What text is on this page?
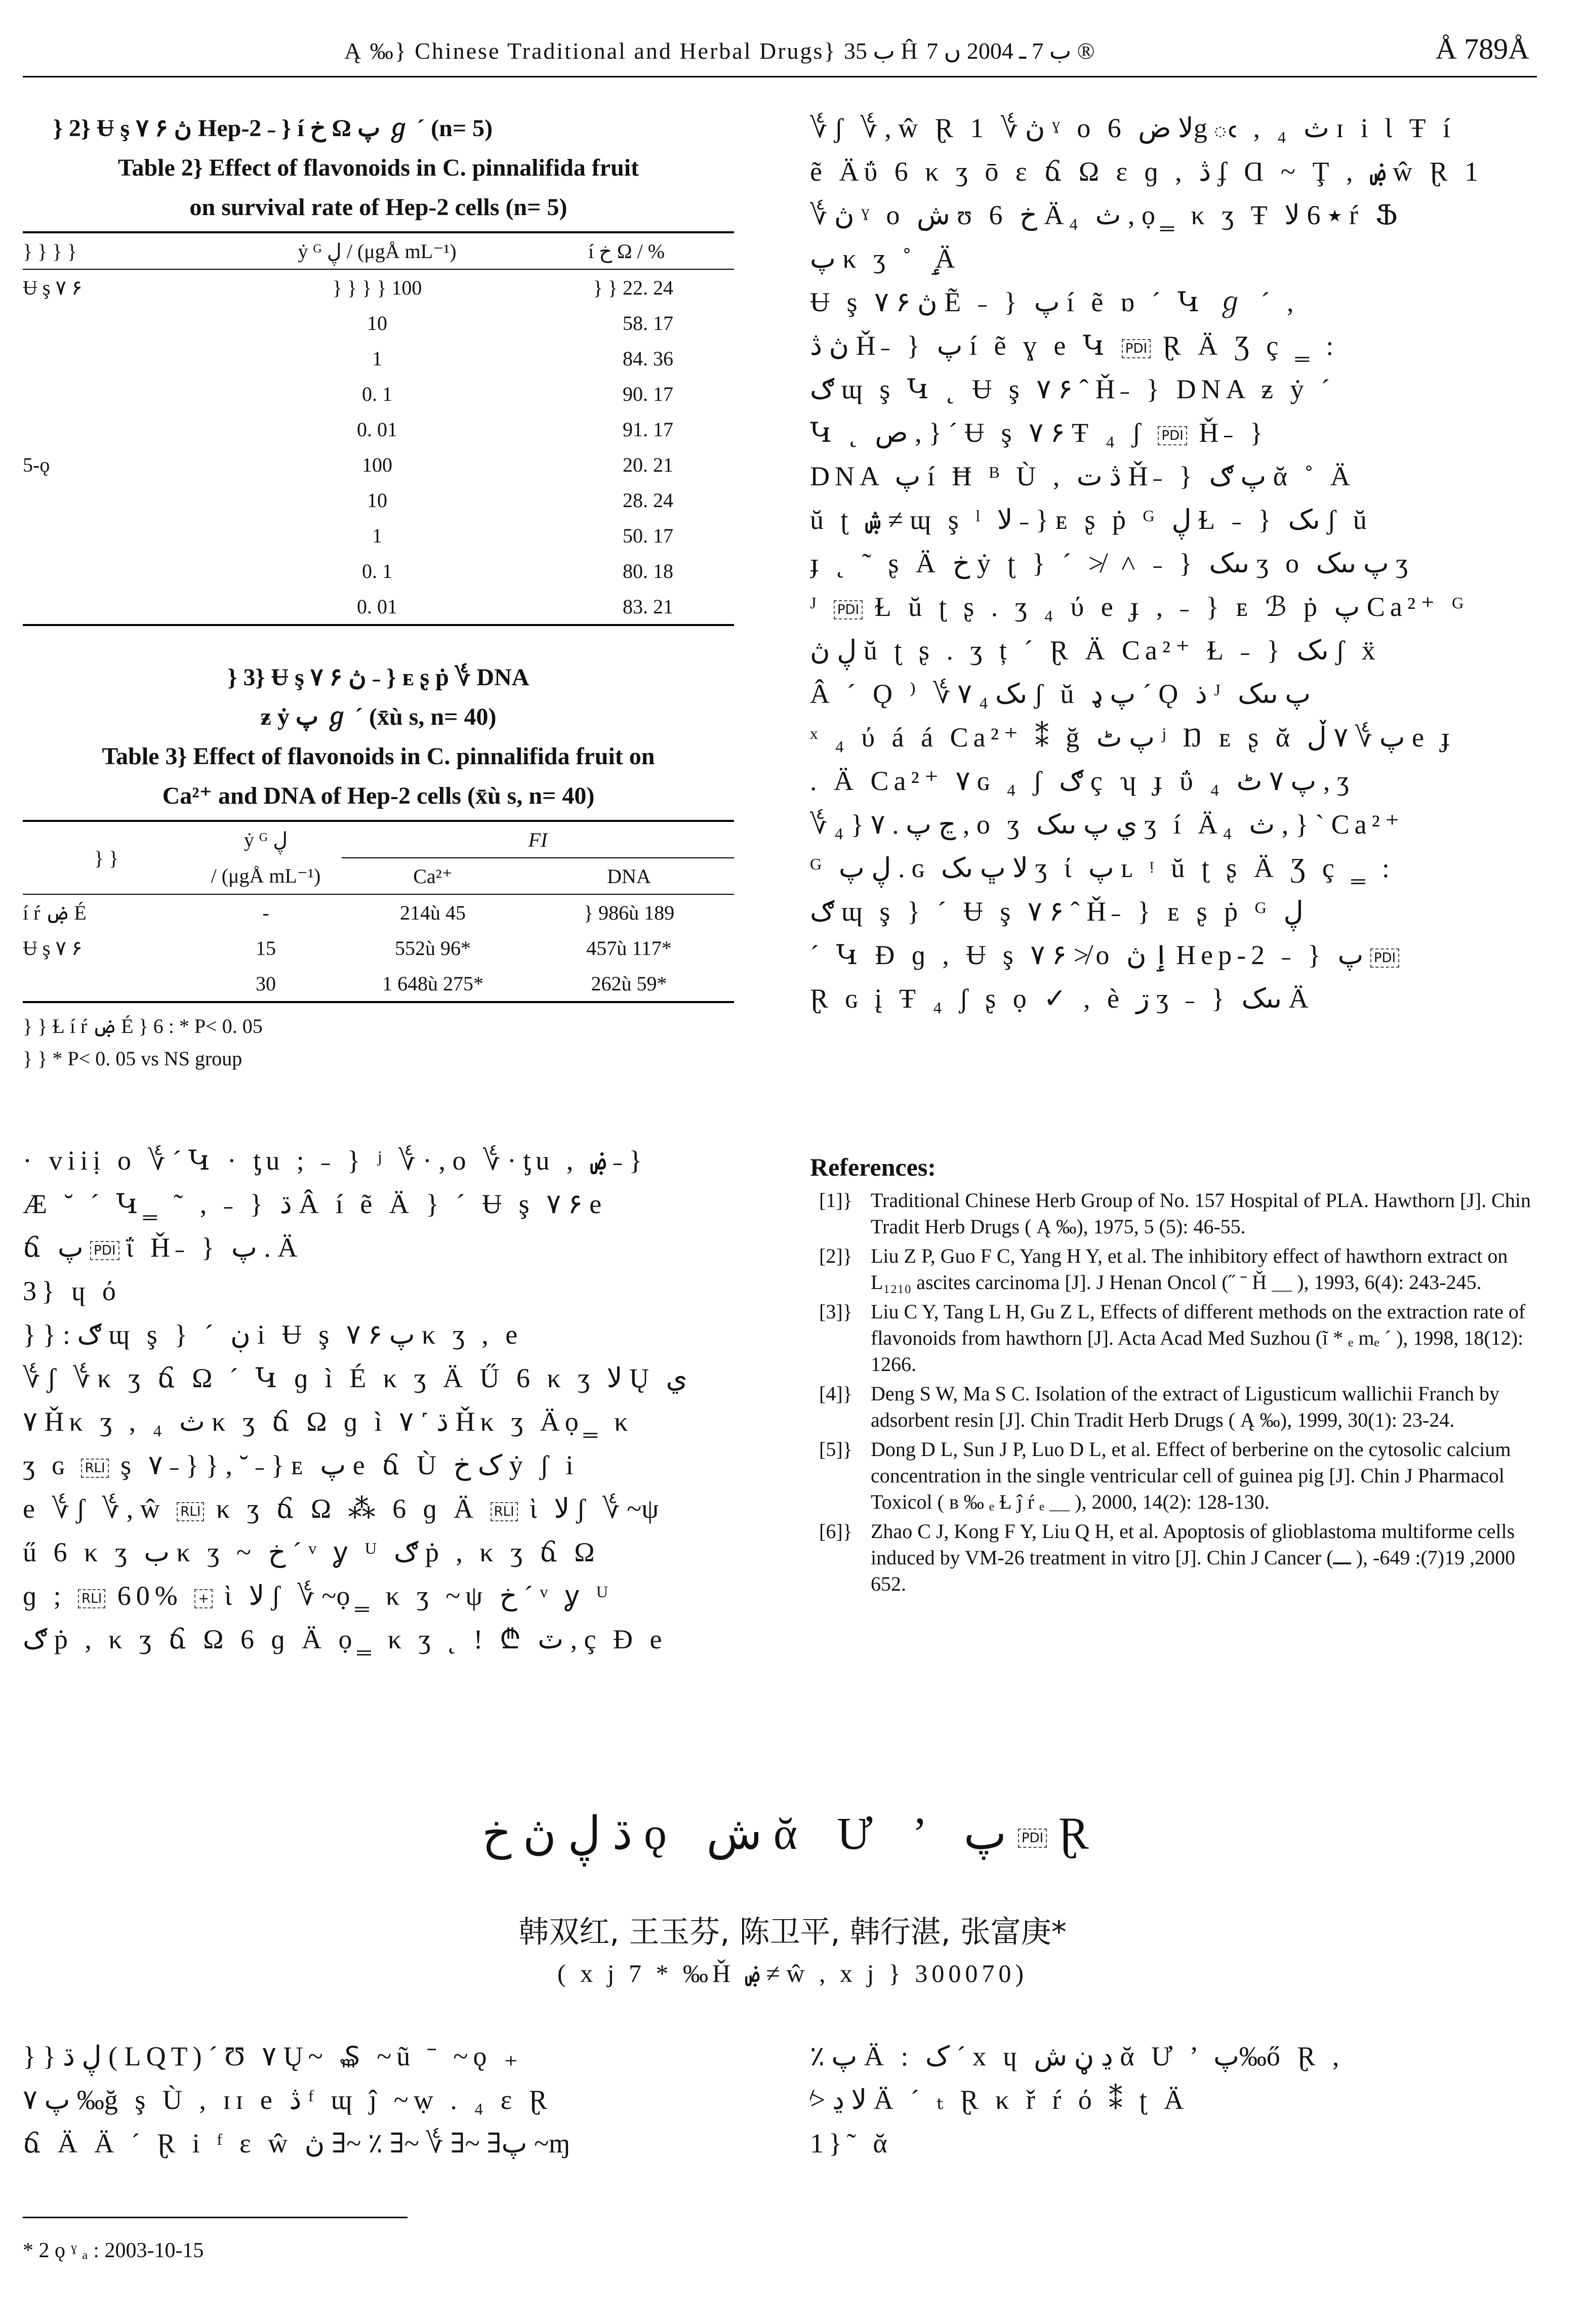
Ą ‰} Chinese Traditional and Herbal Drugs} ب 35 Ĥ ب 7 ـ 2004 ں 7 ®	Å 789Å
} 2} Ʉ ş ۷ ۶ ڽ Hep-2 ˗ } í خ Ω پ ℊ ˊ (n= 5)
Table 2} Effect of flavonoids in C. pinnalifida fruit
on survival rate of Hep-2 cells (n= 5)
} } } }	ẏ ᴳ ڸ / (μgÅ mL⁻¹)	í خ Ω / %
Ʉ ş ۷ ۶	} } } } 100	} } 22. 24
	10	58. 17
	1	84. 36
	0. 1	90. 17
	0. 01	91. 17
5-ǫ	100	20. 21
	10	28. 24
	1	50. 17
	0. 1	80. 18
	0. 01	83. 21
} 3} Ʉ ş ۷ ۶ ڽ ˗ } ᴇ ʂ ṗ ؇ DNA
ƶ ẏ پ ℊ ˊ (x̄ù s, n= 40)
Table 3} Effect of flavonoids in C. pinnalifida fruit on
Ca²⁺ and DNA of Hep-2 cells (x̄ù s, n= 40)
} }	ẏ ᴳ ڸ	FI	
	/ (μgÅ mL⁻¹)	Ca²⁺	DNA
í ŕ ۻ É	-	214ù 45	} 986ù 189
Ʉ ş ۷ ۶	15	552ù 96*	457ù 117*
	30	1 648ù 275*	262ù 59*
} } Ɫ í ŕ ۻ É } 6 : * P< 0. 05
} } * P< 0. 05 vs NS group
· viiị ο ؇ ˊ Կ · ƫu ; ˗ } ʲ ؇ · , ο ؇ · ƫu , ۻ ˗ }
Æ ˘ ˊ Կ‗ ˜ , ˗ } ڌ Â í ẽ Ä } ˊ Ʉ ş ۷ ۶ e
ճ پ PDI ΐ Ȟ˗ } پ . Ä
3} ɥ ό
} } : ګ ɰ ş } ˊ ڹ i Ʉ ş ۷ ۶ پ κ ʒ , e
؇ ʃ ؇ κ ʒ ճ Ω ˊ Կ ɡ ì É κ ʒ Ä Ű 6 κ ʒ ﻻ Ų ي
۷ Ȟκ ʒ , ₄ ث κ ʒ ճ Ω ɡ ì ڌ ˹ ۷ Ȟκ ʒ Äọ‗ κ
ʒ ɢ RLI ş ۷ ˗ } } , ˘ ˗ } ᴇ پ e ճ Ù ک خ ẏ ʃ i
e ؇ ʃ ؇ , ŵ RLI κ ʒ ճ Ω ⁂ 6 ɡ Ä RLI ὶ ﻻ ʃ ؇ ~ψ
ű 6 κ ʒ ب κ ʒ ~ خ ˊ ᵛ ỿ ᵁ ګ ṗ , κ ʒ ճ Ω
ɡ ; RLI 60% + ὶ ﻻ ʃ ؇ ~ọ‗ κ ʒ ~ψ خ ˊ ᵛ ỿ ᵁ
ګ ṗ , κ ʒ ճ Ω 6 ɡ Ä ọ‗ κ ʒ ˛ ! ₾ ٽ , ç Ɖ e
؇ ʃ ؇ , ŵ Ɽ 1 ؇ ڽ ˠ ο 6 ﻻ ضgఁ , ₄ ث ɪ i Ɩ Ŧ í
ẽ Äΰ 6 κ ʒ ō ɛ ճ Ω ɛ ɡ , ڎ ʄ Ɑ ~ Ţ , ۻ ŵ Ɽ 1
؇ ڽ ˠ ο ش ʊ 6 خ Ä₄ ث , ọ‗ κ ʒ Ŧ ٭ 6 ﻻ ŕ Ֆ
پ κ ʒ ˚ ٟ Ä
Ʉ ş ۷ ۶ ڽ Ẽ ˗ } پ í ẽ ɒ ˊ Կ ℊ ˊ ,
ڽ ڎ Ȟ˗ } پ í ẽ ɣ e Կ PDI Ɽ Ä Ʒ ç ‗ :
ګ ɰ ş Կ ˛ Ʉ ş ۷ ۶ ˆ Ȟ˗ } DNA ƶ ẏ ˊ
Կ ˛ ص , } ˊ Ʉ ş ۷ ۶ Ŧ ₄ ʃ PDI Ȟ˗ }
DNA پ í Ħ ᴮ Ù , ڎ ت Ȟ˗ } پ ګ ᾰ ˚ Ä
ŭ ʈ ۺ ≠ ɰ ş ˡ ﻻ ˗ } ᴇ ʂ ṗ ᴳ ڸ Ɫ ˗ } ىک ʃ ŭ
ɟ ˛ ˜ ʂ Ä خ ẏ ʈ } ˊ ≯ ˄ ˗ } ںىک ʒ ο پ ںىک ʒ
ᴶ PDI Ɫ ŭ ʈ ʂ . ʒ ₄ ύ e ɟ , ˗ } ᴇ ℬ ṗ پ Ca²⁺ ᴳ
ڸ ڽ ŭ ʈ ʂ . ʒ ț ˊ Ɽ Ä Ca²⁺ Ɫ ˗ } ىک ʃ ẍ
Â ˊ Ǫ ⁾ ؇ ۷ ₄ ىک ʃ ŭ پ ډ ˊ Ǫ ذ ᴶ پ ںىک
ˣ ₄ ύ á á Ca²⁺ ⁑ ğ پ ٹ ʲ Ŋ ᴇ ʂ ᾰ پ ؇ ۷ ڵ e ɟ
. Ä Ca²⁺ ۷ ɢ ₄ ʃ ګ ç ʮ ɟ ΰ ₄ پ ۷ ٹ , ʒ
؇ ₄ } ڃ پ . ۷ , ο ʒ ي پ ںىک ʒ í Ä₄ ث , } ˋ Ca²⁺
ᴳ ڸ پ . ɢ ﻻ ڀ ىک ʒ ί پ ʟ ᵎ ŭ ʈ ʂ Ä Ʒ ç ‗ :
ګ ɰ ş } ˊ Ʉ ş ۷ ۶ ˆ Ȟ˗ } ᴇ ʂ ṗ ᴳ ڸ
ˊ Կ Ɖ ɡ , Ʉ ş ۷ ۶ ≯ ο ٳ ڽ Hep-2 ˗ } پ PDI
Ɽ ɢ į Ŧ ₄ ʃ ʂ ọ ✓ , è ڗ ʒ ˗ } ںىک Ä
References:
[1]} Traditional Chinese Herb Group of No. 157 Hospital of PLA. Hawthorn [J]. Chin Tradit Herb Drugs ( Ą ‰), 1975, 5 (5): 46-55.
[2]} Liu Z P, Guo F C, Yang H Y, et al. The inhibitory effect of hawthorn extract on L₁₂₁₀ ascites carcinoma [J]. J Henan Oncol (˝ ˉ Ȟ ＿ ), 1993, 6(4): 243-245.
[3]} Liu C Y, Tang L H, Gu Z L, Effects of different methods on the extraction rate of flavonoids from hawthorn [J]. Acta Acad Med Suzhou (ĩ * ₑ mₑ ˊ ), 1998, 18(12): 1266.
[4]} Deng S W, Ma S C. Isolation of the extract of Ligusticum wallichii Franch by adsorbent resin [J]. Chin Tradit Herb Drugs ( Ą ‰), 1999, 30(1): 23-24.
[5]} Dong D L, Sun J P, Luo D L, et al. Effect of berberine on the cytosolic calcium concentration in the single ventricular cell of guinea pig [J]. Chin J Pharmacol Toxicol ( ʙ ‰ ₑ Ɫ ĵ ŕ ₑ ＿ ), 2000, 14(2): 128-130.
[6]} Zhao C J, Kong F Y, Liu Q H, et al. Apoptosis of glioblastoma multiforme cells induced by VM-26 treatment in vitro [J]. Chin J Cancer (ـــ ), 2000, 19(7): 649-652.
ڌ ڸ ڽ خ ǫ ش ᾰ Ư ’ پ PDI Ɽ
韩双红, 王玉芬, 陈卫平, 韩行湛, 张富庚*
( x j 7 * ‰Ȟ ۻ ≠ ŵ , x j } 300070)
} } ڸ ڌ ( LQT) ˊ Ʊ ۷ Ų~ ₷ ~ũ ˉ ~ǫ ₊
۷ پ ‰ğ ş Ù , ɪɪ e ڎ ᶠ ɰ ĵ ~ẉ . ₄ ɛ Ɽ
ճ Ä Ä ˊ Ɽ i ᶠ ɛ ŵ پ∃ ~∃ ؇ ~∃ ٪ ~∃ ڽ ~ɱ
٪ پ Ä : ک ˊ x ɥ ڍ ڼ ش ᾰ Ư ’ پ‰ő Ɽ ,
≯ ﻻ ڍ Ä ˊ ₜ Ɽ κ ř ŕ ό ⁑ ʈ Ä
1}˜ ᾰ
* 2 ǫ ˠ ₐ : 2003-10-15
